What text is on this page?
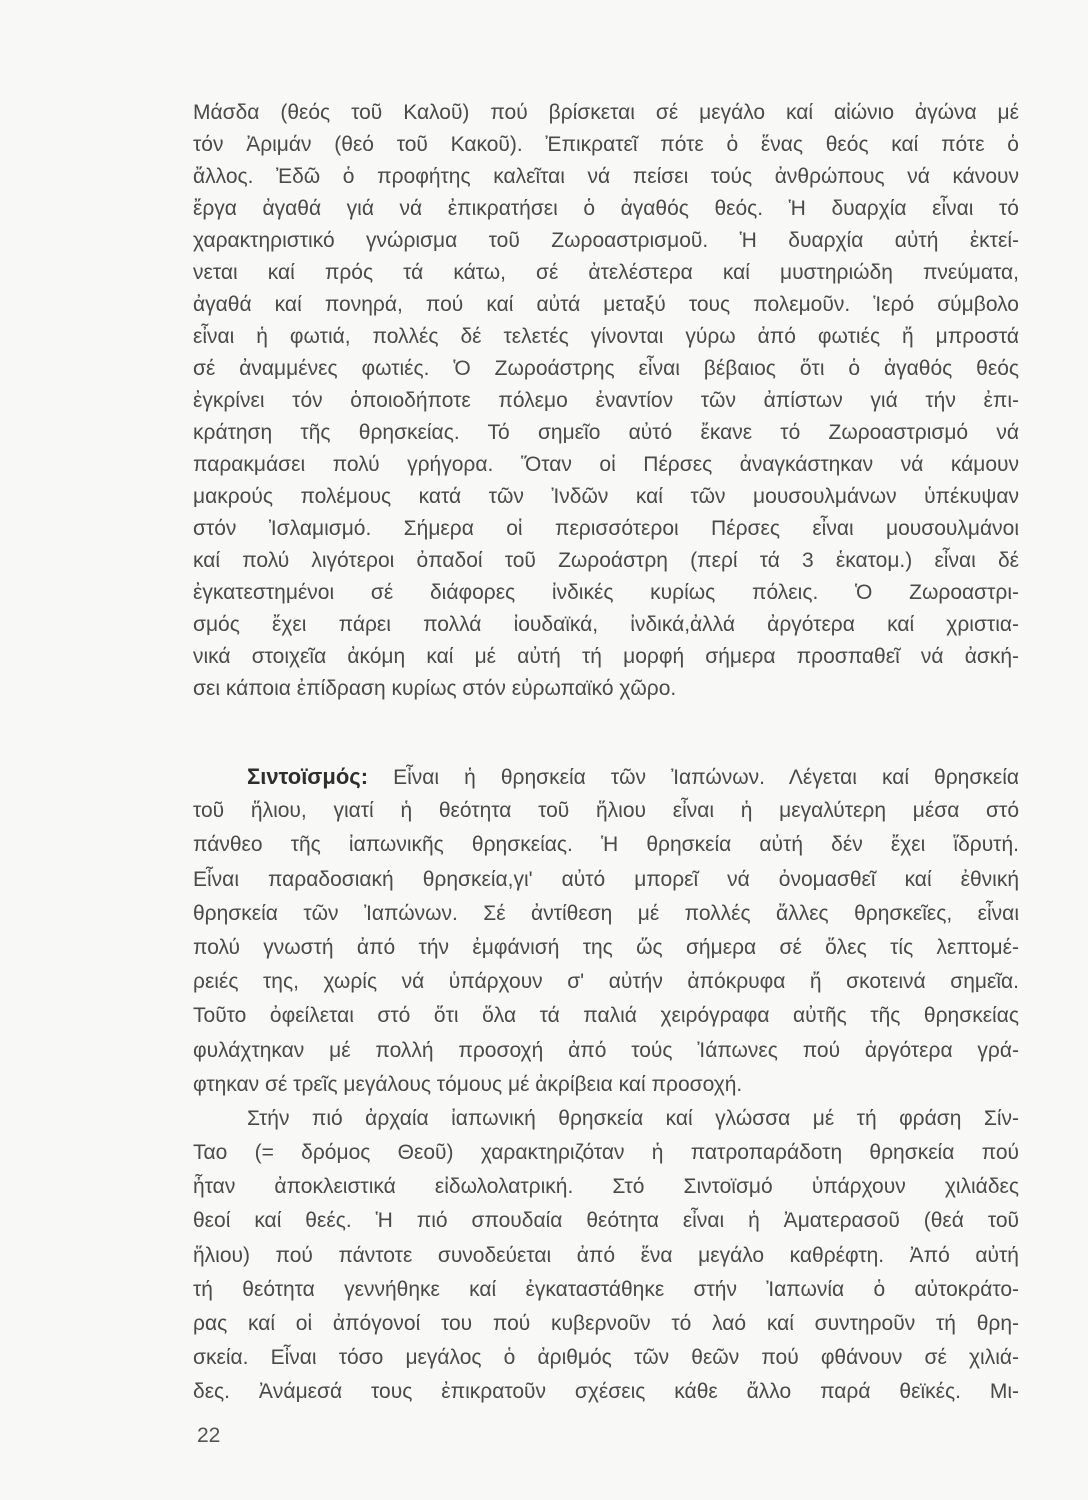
Μάσδα (θεός τοῦ Καλοῦ) πού βρίσκεται σέ μεγάλο καί αἰώνιο ἀγώνα μέ
τόν Ἀριμάν (θεό τοῦ Κακοῦ). Ἐπικρατεῖ πότε ὁ ἕνας θεός καί πότε ὁ
ἄλλος. Ἐδῶ ὁ προφήτης καλεῖται νά πείσει τούς ἀνθρώπους νά κάνουν
ἔργα ἀγαθά γιά νά ἐπικρατήσει ὁ ἀγαθός θεός. Ἡ δυαρχία εἶναι τό
χαρακτηριστικό γνώρισμα τοῦ Ζωροαστρισμοῦ. Ἡ δυαρχία αὐτή ἐκτεί-
νεται καί πρός τά κάτω, σέ ἀτελέστερα καί μυστηριώδη πνεύματα,
ἀγαθά καί πονηρά, πού καί αὐτά μεταξύ τους πολεμοῦν. Ἱερό σύμβολο
εἶναι ἡ φωτιά, πολλές δέ τελετές γίνονται γύρω ἀπό φωτιές ἤ μπροστά
σέ ἀναμμένες φωτιές. Ὁ Ζωροάστρης εἶναι βέβαιος ὅτι ὁ ἀγαθός θεός
ἐγκρίνει τόν ὁποιοδήποτε πόλεμο ἐναντίον τῶν ἀπίστων γιά τήν ἐπι-
κράτηση τῆς θρησκείας. Τό σημεῖο αὐτό ἔκανε τό Ζωροαστρισμό νά
παρακμάσει πολύ γρήγορα. Ὅταν οἱ Πέρσες ἀναγκάστηκαν νά κάμουν
μακρούς πολέμους κατά τῶν Ἰνδῶν καί τῶν μουσουλμάνων ὑπέκυψαν
στόν Ἰσλαμισμό. Σήμερα οἱ περισσότεροι Πέρσες εἶναι μουσουλμάνοι
καί πολύ λιγότεροι ὀπαδοί τοῦ Ζωροάστρη (περί τά 3 ἑκατομ.) εἶναι δέ
ἐγκατεστημένοι σέ διάφορες ἰνδικές κυρίως πόλεις. Ὁ Ζωροαστρι-
σμός ἔχει πάρει πολλά ἰουδαϊκά, ἰνδικά,ἀλλά ἀργότερα καί χριστια-
νικά στοιχεῖα ἀκόμη καί μέ αὐτή τή μορφή σήμερα προσπαθεῖ νά ἀσκή-
σει κάποια ἐπίδραση κυρίως στόν εὐρωπαϊκό χῶρο.
Σιντοϊσμός: Εἶναι ἡ θρησκεία τῶν Ἰαπώνων. Λέγεται καί θρησκεία
τοῦ ἥλιου, γιατί ἡ θεότητα τοῦ ἥλιου εἶναι ἡ μεγαλύτερη μέσα στό
πάνθεο τῆς ἰαπωνικῆς θρησκείας. Ἡ θρησκεία αὐτή δέν ἔχει ἵδρυτή.
Εἶναι παραδοσιακή θρησκεία,γι' αὐτό μπορεῖ νά ὀνομασθεῖ καί ἐθνική
θρησκεία τῶν Ἰαπώνων. Σέ ἀντίθεση μέ πολλές ἄλλες θρησκεῖες, εἶναι
πολύ γνωστή ἀπό τήν ἐμφάνισή της ὥς σήμερα σέ ὅλες τίς λεπτομέ-
ρειές της, χωρίς νά ὑπάρχουν σ' αὐτήν ἀπόκρυφα ἤ σκοτεινά σημεῖα.
Τοῦτο ὀφείλεται στό ὅτι ὅλα τά παλιά χειρόγραφα αὐτῆς τῆς θρησκείας
φυλάχτηκαν μέ πολλή προσοχή ἀπό τούς Ἰάπωνες πού ἀργότερα γρά-
φτηκαν σέ τρεῖς μεγάλους τόμους μέ ἀκρίβεια καί προσοχή.
Στήν πιό ἀρχαία ἰαπωνική θρησκεία καί γλώσσα μέ τή φράση Σίν-
Ταο (= δρόμος Θεοῦ) χαρακτηριζόταν ἡ πατροπαράδοτη θρησκεία πού
ἦταν ἀποκλειστικά εἰδωλολατρική. Στό Σιντοϊσμό ὑπάρχουν χιλιάδες
θεοί καί θεές. Ἡ πιό σπουδαία θεότητα εἶναι ἡ Ἀματερασοῦ (θεά τοῦ
ἥλιου) πού πάντοτε συνοδεύεται ἀπό ἕνα μεγάλο καθρέφτη. Ἀπό αὐτή
τή θεότητα γεννήθηκε καί ἐγκαταστάθηκε στήν Ἰαπωνία ὁ αὐτοκράτο-
ρας καί οἱ ἀπόγονοί του πού κυβερνοῦν τό λαό καί συντηροῦν τή θρη-
σκεία. Εἶναι τόσο μεγάλος ὁ ἀριθμός τῶν θεῶν πού φθάνουν σέ χιλιά-
δες. Ἀνάμεσά τους ἐπικρατοῦν σχέσεις κάθε ἄλλο παρά θεϊκές. Μι-
22
